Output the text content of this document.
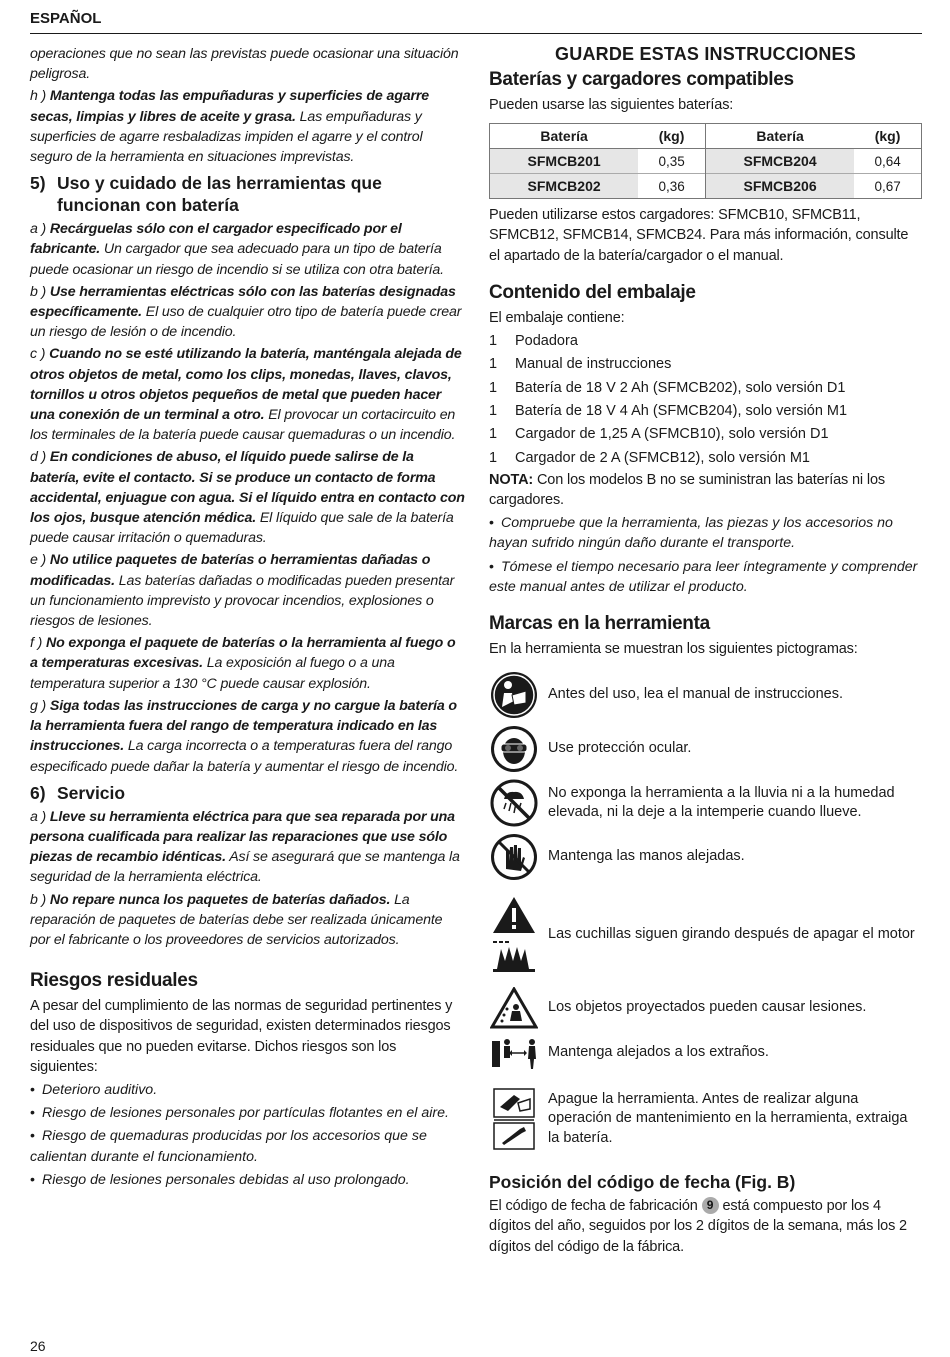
ESPAÑOL

operaciones que no sean las previstas puede ocasionar una situación peligrosa.

h ) Mantenga todas las empuñaduras y superficies de agarre secas, limpias y libres de aceite y grasa. Las empuñaduras y superficies de agarre resbaladizas impiden el agarre y el control seguro de la herramienta en situaciones imprevistas.

5) Uso y cuidado de las herramientas que
funcionan con batería

a ) Recárguelas sólo con el cargador especificado por el fabricante. Un cargador que sea adecuado para un tipo de batería puede ocasionar un riesgo de incendio si se utiliza con otra batería.

b ) Use herramientas eléctricas sólo con las baterías designadas específicamente. El uso de cualquier otro tipo de batería puede crear un riesgo de lesión o de incendio.

c ) Cuando no se esté utilizando la batería, manténgala alejada de otros objetos de metal, como los clips, monedas, llaves, clavos, tornillos u otros objetos pequeños de metal que pueden hacer una conexión de un terminal a otro. El provocar un cortacircuito en los terminales de la batería puede causar quemaduras o un incendio.

d ) En condiciones de abuso, el líquido puede salirse de la batería, evite el contacto. Si se produce un contacto de forma accidental, enjuague con agua. Si el líquido entra en contacto con los ojos, busque atención médica. El líquido que sale de la batería puede causar irritación o quemaduras.

e ) No utilice paquetes de baterías o herramientas dañadas o modificadas. Las baterías dañadas o modificadas pueden presentar un funcionamiento imprevisto y provocar incendios, explosiones o riesgos de lesiones.

f ) No exponga el paquete de baterías o la herramienta al fuego o a temperaturas excesivas. La exposición al fuego o a una temperatura superior a 130 °C puede causar explosión.

g ) Siga todas las instrucciones de carga y no cargue la batería o la herramienta fuera del rango de temperatura indicado en las instrucciones. La carga incorrecta o a temperaturas fuera del rango especificado puede dañar la batería y aumentar el riesgo de incendio.

6) Servicio

a ) Lleve su herramienta eléctrica para que sea reparada por una persona cualificada para realizar las reparaciones que use sólo piezas de recambio idénticas. Así se asegurará que se mantenga la seguridad de la herramienta eléctrica.

b ) No repare nunca los paquetes de baterías dañados. La reparación de paquetes de baterías debe ser realizada únicamente por el fabricante o los proveedores de servicios autorizados.

Riesgos residuales

A pesar del cumplimiento de las normas de seguridad pertinentes y del uso de dispositivos de seguridad, existen determinados riesgos residuales que no pueden evitarse. Dichos riesgos son los siguientes:

• Deterioro auditivo.
• Riesgo de lesiones personales por partículas flotantes en el aire.
• Riesgo de quemaduras producidas por los accesorios que se calientan durante el funcionamiento.
• Riesgo de lesiones personales debidas al uso prolongado.
GUARDE ESTAS INSTRUCCIONES
Baterías y cargadores compatibles

Pueden usarse las siguientes baterías:

Batería	(kg)	Batería	(kg)
SFMCB201	0,35	SFMCB204	0,64
SFMCB202	0,36	SFMCB206	0,67

Pueden utilizarse estos cargadores: SFMCB10, SFMCB11, SFMCB12, SFMCB14, SFMCB24. Para más información, consulte el apartado de la batería/cargador o el manual.

Contenido del embalaje

El embalaje contiene:

1	Podadora
1	Manual de instrucciones
1	Batería de 18 V 2 Ah (SFMCB202), solo versión D1
1	Batería de 18 V 4 Ah (SFMCB204), solo versión M1
1	Cargador de 1,25 A (SFMCB10), solo versión D1
1	Cargador de 2 A (SFMCB12), solo versión M1

NOTA: Con los modelos B no se suministran las baterías ni los cargadores.

• Compruebe que la herramienta, las piezas y los accesorios no hayan sufrido ningún daño durante el transporte.
• Tómese el tiempo necesario para leer íntegramente y comprender este manual antes de utilizar el producto.
Marcas en la herramienta

En la herramienta se muestran los siguientes pictogramas:

Antes del uso, lea el manual de instrucciones.
Use protección ocular.
No exponga la herramienta a la lluvia ni a la humedad elevada, ni la deje a la intemperie cuando llueve.
Mantenga las manos alejadas.
Las cuchillas siguen girando después de apagar el motor
Los objetos proyectados pueden causar lesiones.
Mantenga alejados a los extraños.
Apague la herramienta. Antes de realizar alguna operación de mantenimiento en la herramienta, extraiga la batería.
Posición del código de fecha (Fig. B)

El código de fecha de fabricación 9 está compuesto por los 4 dígitos del año, seguidos por los 2 dígitos de la semana, más los 2 dígitos del código de la fábrica.

26
